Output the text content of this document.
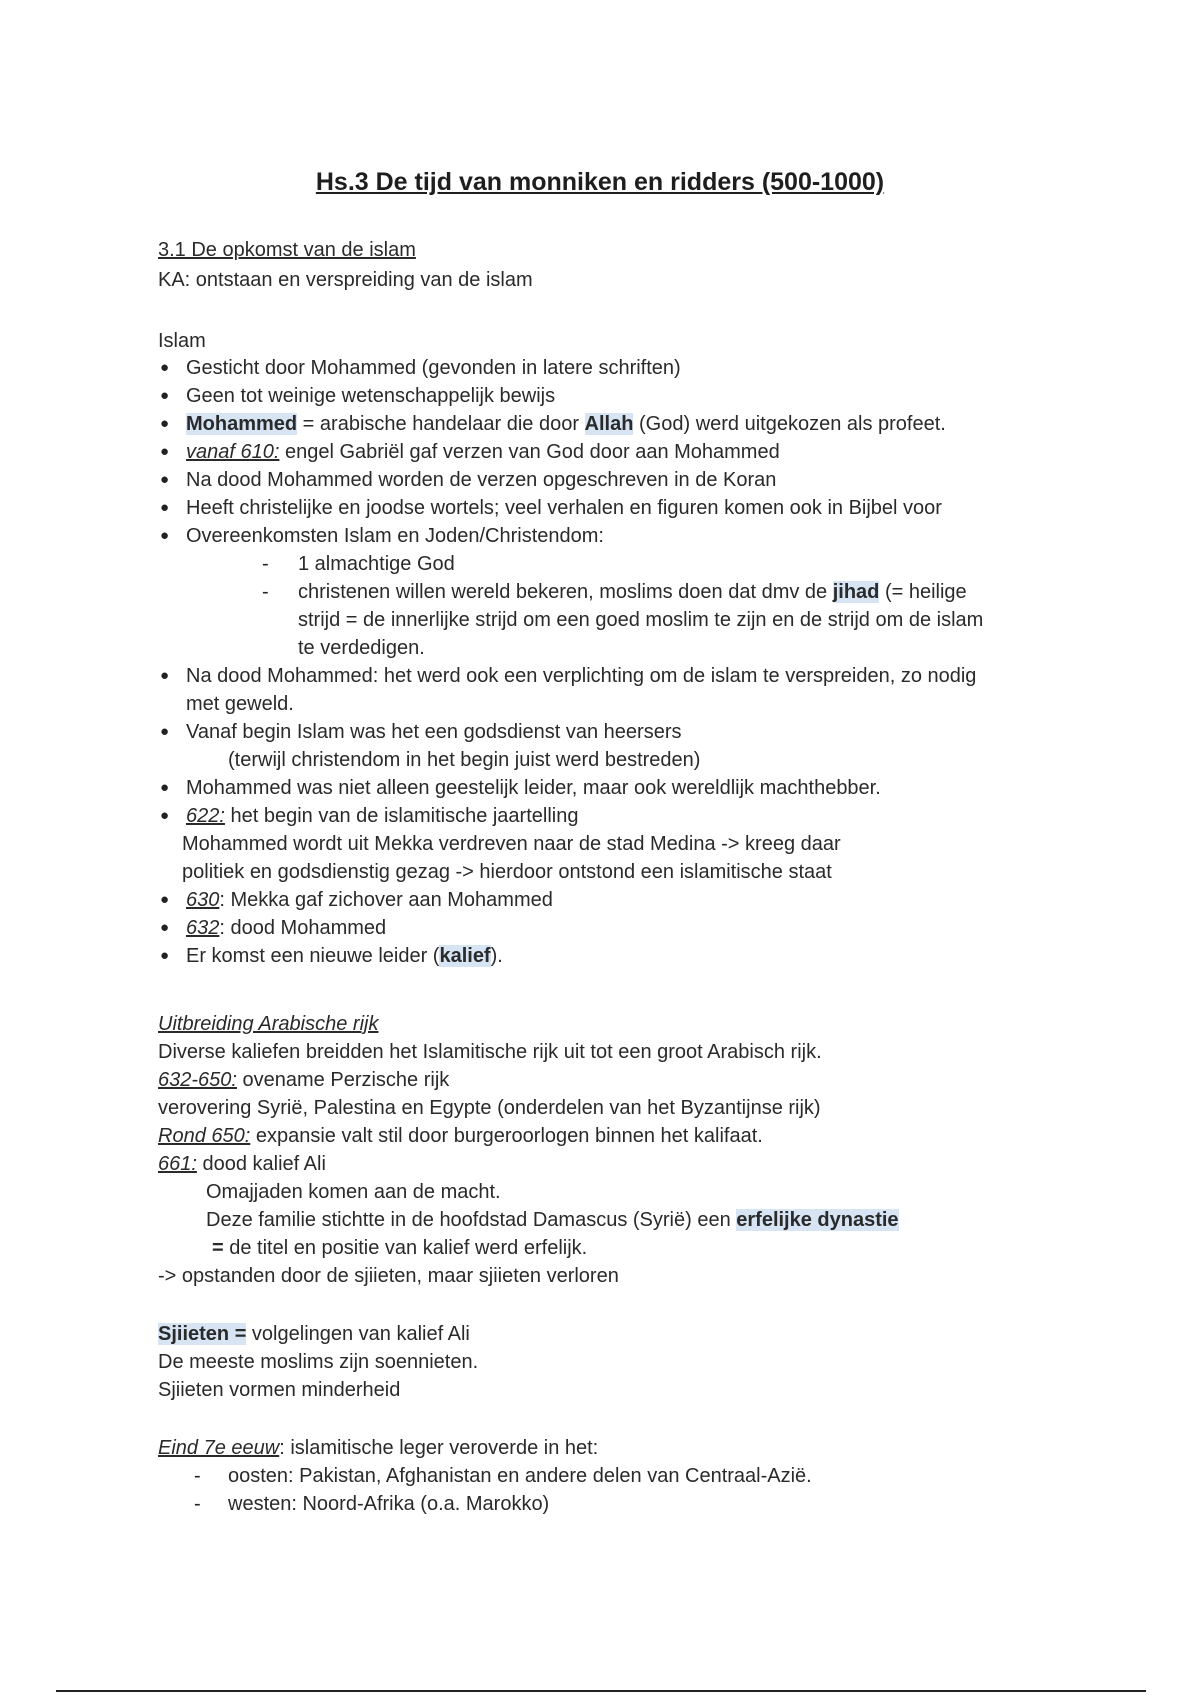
Hs.3 De tijd van monniken en ridders (500-1000)
3.1 De opkomst van de islam
KA: ontstaan en verspreiding van de islam
Islam
● Gesticht door Mohammed (gevonden in latere schriften)
● Geen tot weinige wetenschappelijk bewijs
● Mohammed = arabische handelaar die door Allah (God) werd uitgekozen als profeet.
● vanaf 610: engel Gabriël gaf verzen van God door aan Mohammed
● Na dood Mohammed worden de verzen opgeschreven in de Koran
● Heeft christelijke en joodse wortels; veel verhalen en figuren komen ook in Bijbel voor
● Overeenkomsten Islam en Joden/Christendom:
- 1 almachtige God
- christenen willen wereld bekeren, moslims doen dat dmv de jihad (= heilige
strijd = de innerlijke strijd om een goed moslim te zijn en de strijd om de islam
te verdedigen.
● Na dood Mohammed: het werd ook een verplichting om de islam te verspreiden, zo nodig
met geweld.
● Vanaf begin Islam was het een godsdienst van heersers
(terwijl christendom in het begin juist werd bestreden)
● Mohammed was niet alleen geestelijk leider, maar ook wereldlijk machthebber.
● 622: het begin van de islamitische jaartelling
Mohammed wordt uit Mekka verdreven naar de stad Medina -> kreeg daar
politiek en godsdienstig gezag -> hierdoor ontstond een islamitische staat
● 630: Mekka gaf zichover aan Mohammed
● 632: dood Mohammed
● Er komst een nieuwe leider (kalief).
Uitbreiding Arabische rijk
Diverse kaliefen breidden het Islamitische rijk uit tot een groot Arabisch rijk.
632-650: ovename Perzische rijk
verovering Syrië, Palestina en Egypte (onderdelen van het Byzantijnse rijk)
Rond 650: expansie valt stil door burgeroorlogen binnen het kalifaat.
661: dood kalief Ali
Omajjaden komen aan de macht.
Deze familie stichtte in de hoofdstad Damascus (Syrië) een erfelijke dynastie
= de titel en positie van kalief werd erfelijk.
-> opstanden door de sjiieten, maar sjiieten verloren
Sjiieten = volgelingen van kalief Ali
De meeste moslims zijn soennieten.
Sjiieten vormen minderheid
Eind 7e eeuw: islamitische leger veroverde in het:
- oosten: Pakistan, Afghanistan en andere delen van Centraal-Azië.
- westen: Noord-Afrika (o.a. Marokko)
